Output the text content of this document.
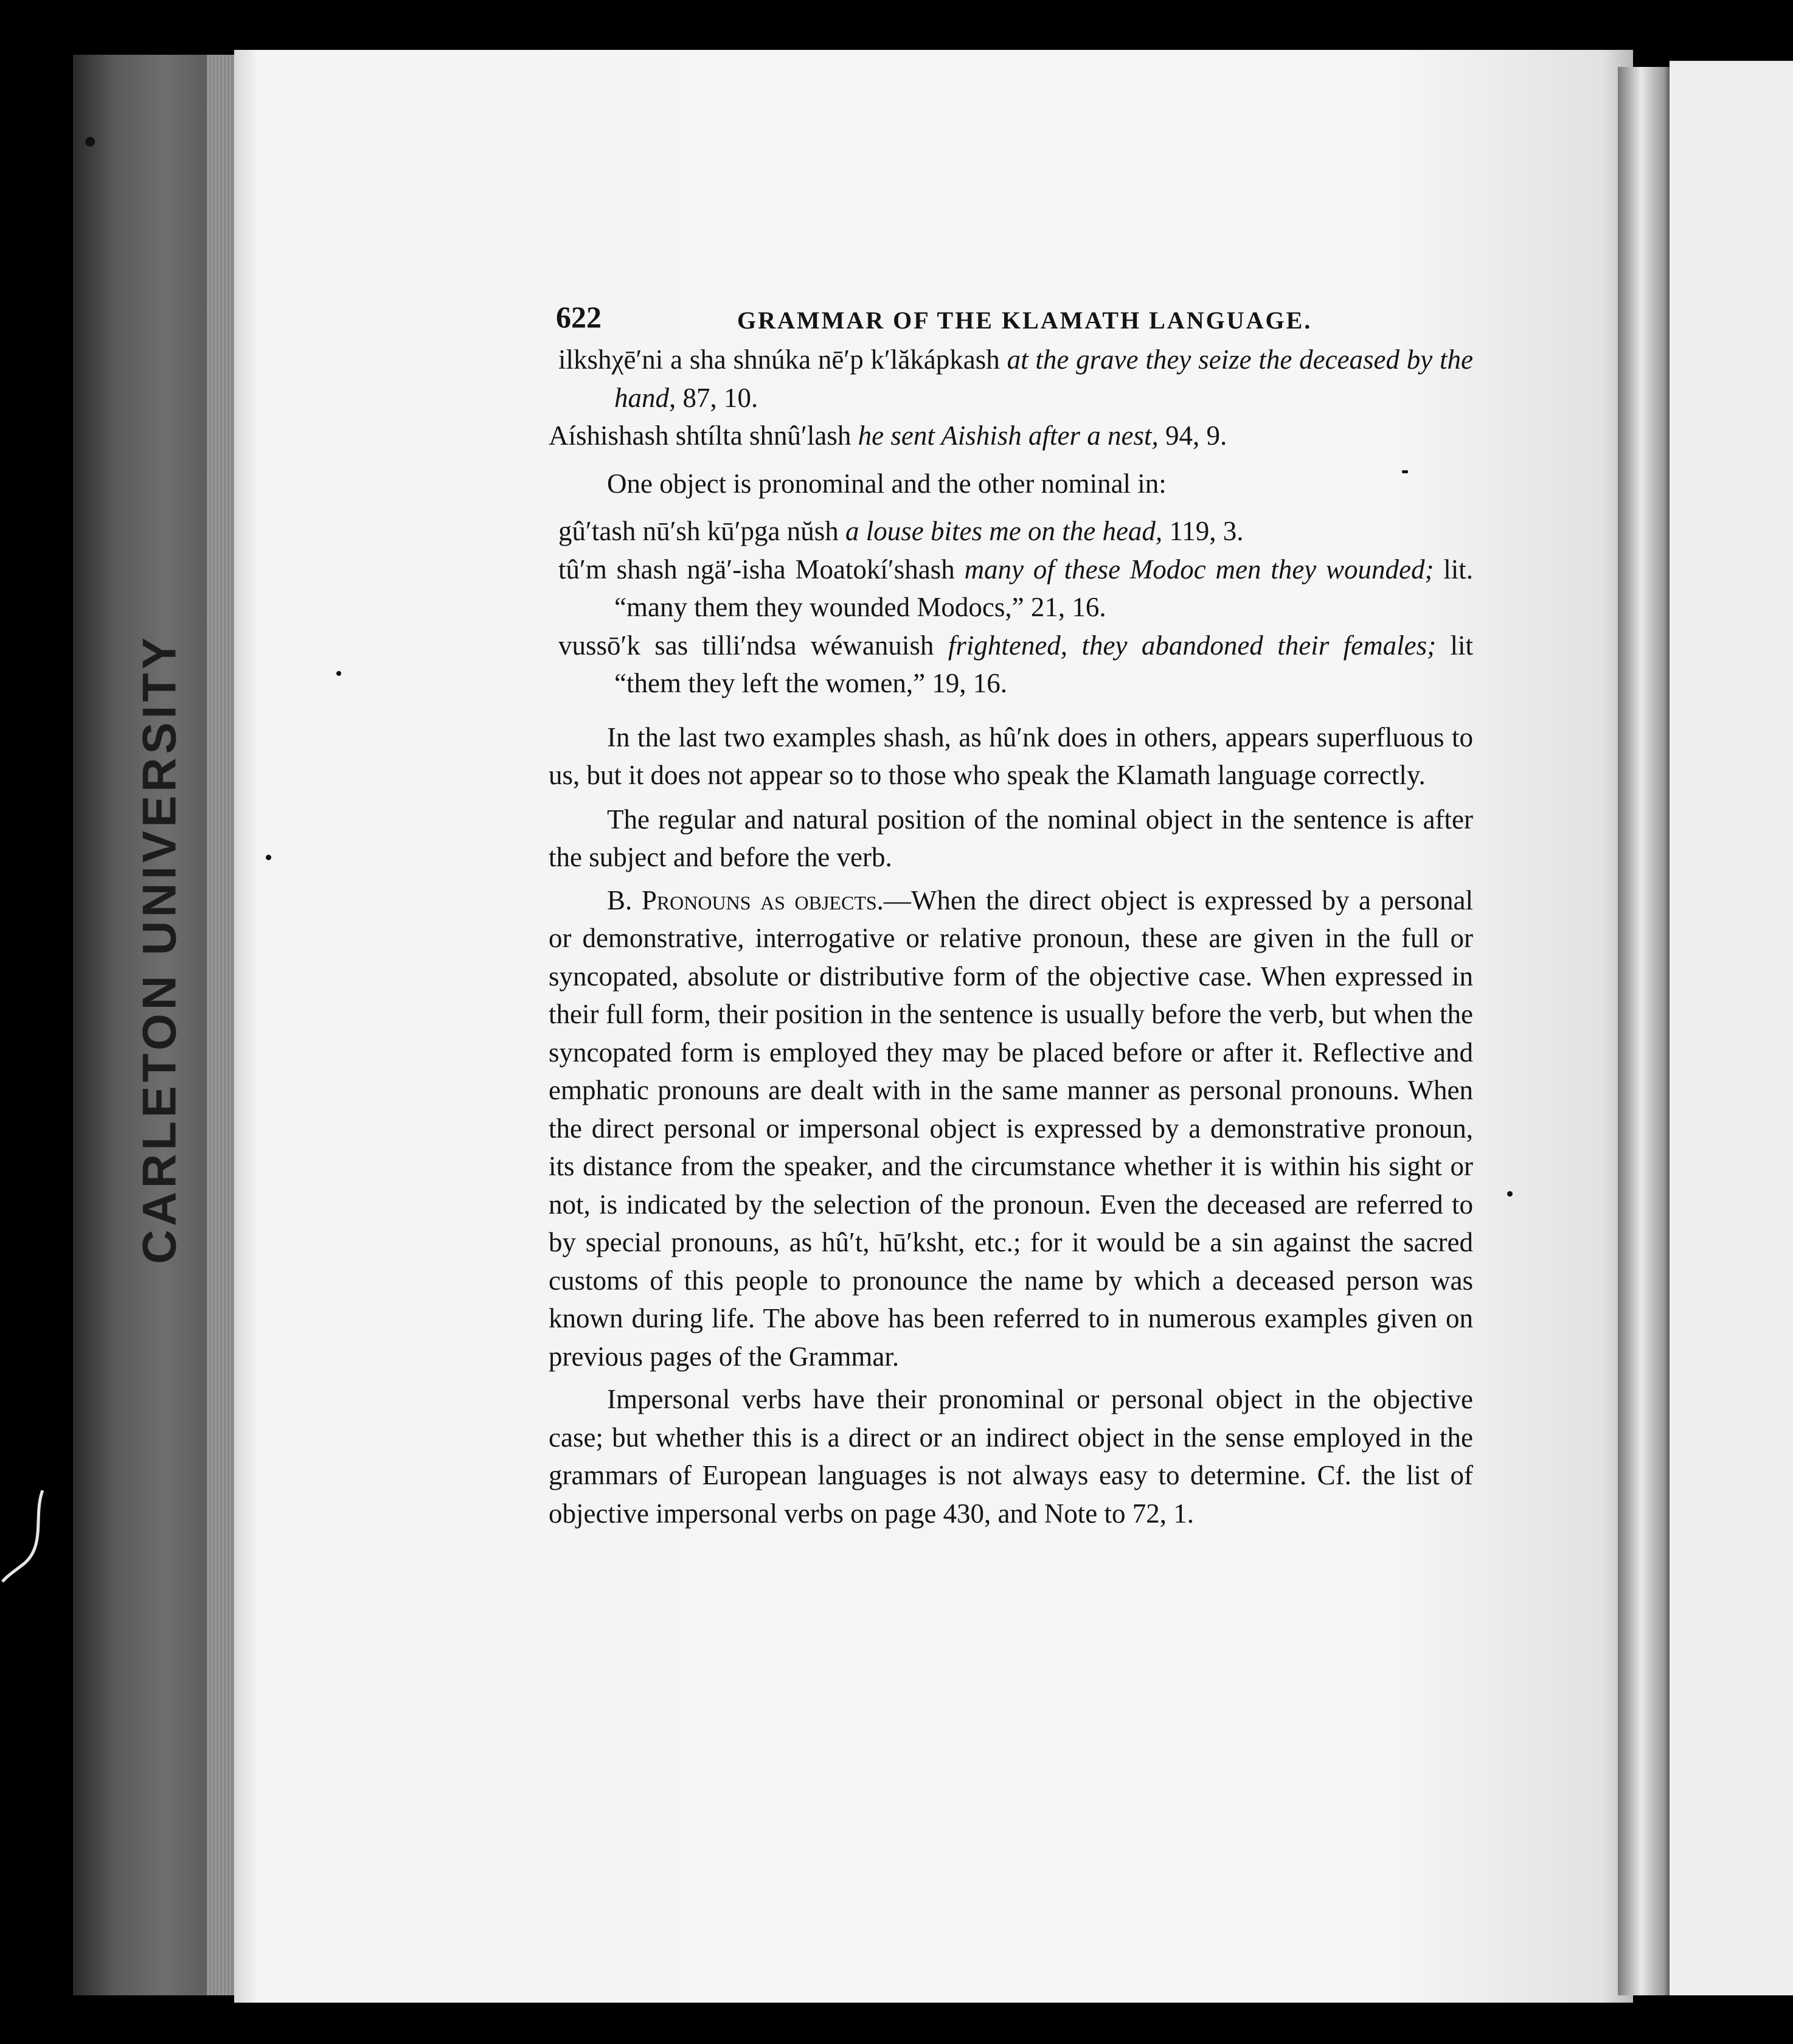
CARLETON UNIVERSITY
622	GRAMMAR OF THE KLAMATH LANGUAGE.

ilkshχē′ni a sha shnúka nē′p k′lăkápkash at the grave they seize the deceased by the hand, 87, 10.

Aíshishash shtílta shnû′lash he sent Aishish after a nest, 94, 9.

One object is pronominal and the other nominal in:

gû′tash nū′sh kū′pga nŭsh a louse bites me on the head, 119, 3.

tû′m shash ngä′-isha Moatokí′shash many of these Modoc men they wounded; lit. “many them they wounded Modocs,” 21, 16.

vussō′k sas tilli′ndsa wéwanuish frightened, they abandoned their females; lit “them they left the women,” 19, 16.

In the last two examples shash, as hû′nk does in others, appears superfluous to us, but it does not appear so to those who speak the Klamath language correctly.

The regular and natural position of the nominal object in the sentence is after the subject and before the verb.

B. Pronouns as objects.—When the direct object is expressed by a personal or demonstrative, interrogative or relative pronoun, these are given in the full or syncopated, absolute or distributive form of the objective case. When expressed in their full form, their position in the sentence is usually before the verb, but when the syncopated form is employed they may be placed before or after it. Reflective and emphatic pronouns are dealt with in the same manner as personal pronouns. When the direct personal or impersonal object is expressed by a demonstrative pronoun, its distance from the speaker, and the circumstance whether it is within his sight or not, is indicated by the selection of the pronoun. Even the deceased are referred to by special pronouns, as hû′t, hū′ksht, etc.; for it would be a sin against the sacred customs of this people to pronounce the name by which a deceased person was known during life. The above has been referred to in numerous examples given on previous pages of the Grammar.

Impersonal verbs have their pronominal or personal object in the objective case; but whether this is a direct or an indirect object in the sense employed in the grammars of European languages is not always easy to determine. Cf. the list of objective impersonal verbs on page 430, and Note to 72, 1.
